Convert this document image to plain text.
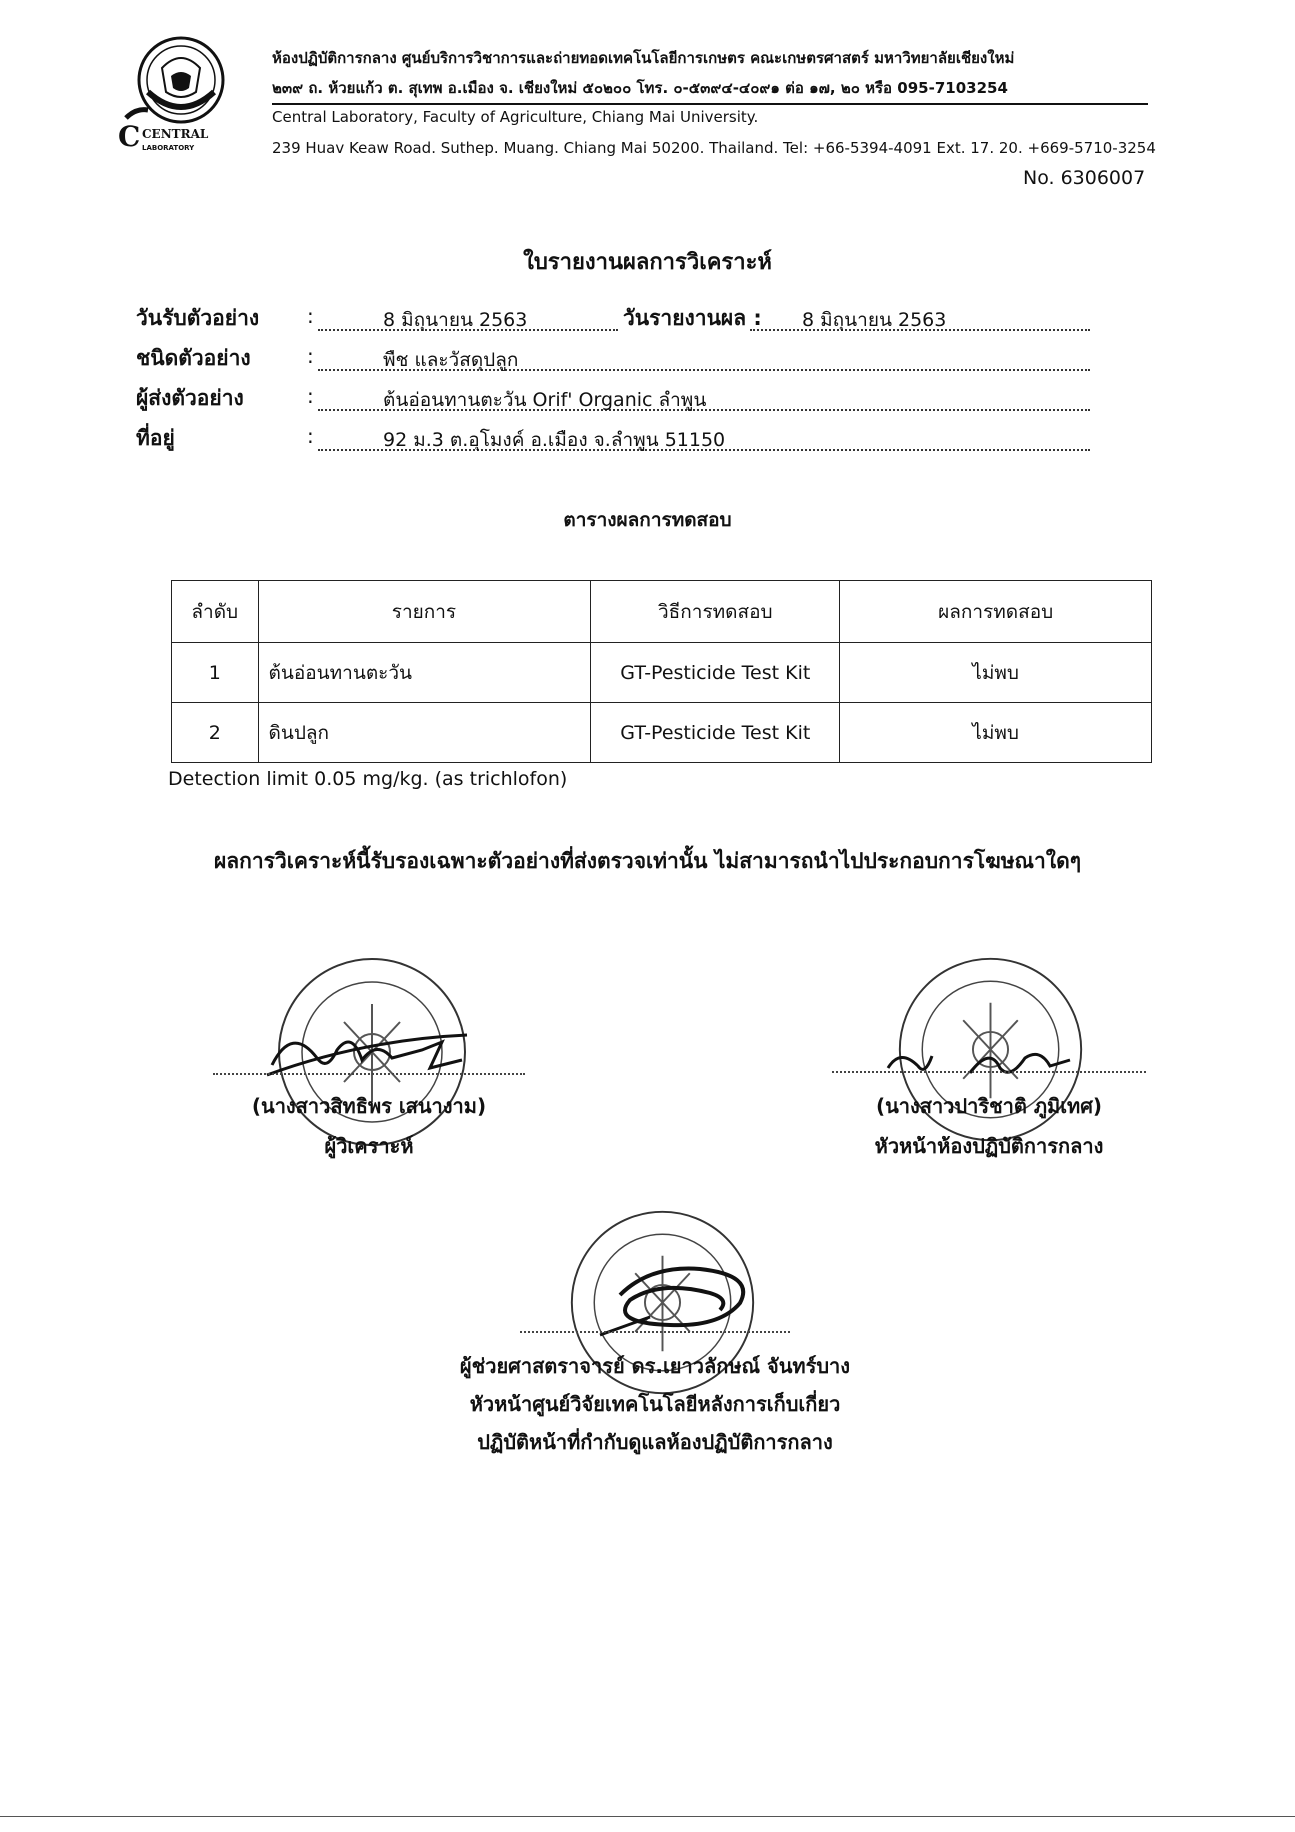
C CENTRAL
LABORATORY
ห้องปฏิบัติการกลาง ศูนย์บริการวิชาการและถ่ายทอดเทคโนโลยีการเกษตร คณะเกษตรศาสตร์ มหาวิทยาลัยเชียงใหม่
๒๓๙ ถ. ห้วยแก้ว ต. สุเทพ อ.เมือง จ. เชียงใหม่ ๕๐๒๐๐ โทร. ๐-๕๓๙๔-๔๐๙๑ ต่อ ๑๗, ๒๐ หรือ 095-7103254
Central Laboratory, Faculty of Agriculture, Chiang Mai University.
239 Huav Keaw Road. Suthep. Muang. Chiang Mai 50200. Thailand. Tel: +66-5394-4091 Ext. 17. 20. +669-5710-3254
No. 6306007
ใบรายงานผลการวิเคราะห์
วันรับตัวอย่าง :	8 มิถุนายน 2563	วันรายงานผล : 8 มิถุนายน 2563
ชนิดตัวอย่าง	:	พืช และวัสดุปลูก
ผู้ส่งตัวอย่าง	:	ต้นอ่อนทานตะวัน Orif' Organic ลำพูน
ที่อยู่	:	92 ม.3 ต.อุโมงค์ อ.เมือง จ.ลำพูน 51150
ตารางผลการทดสอบ
ลำดับ	รายการ	วิธีการทดสอบ	ผลการทดสอบ
1	ต้นอ่อนทานตะวัน	GT-Pesticide Test Kit	ไม่พบ
2	ดินปลูก	GT-Pesticide Test Kit	ไม่พบ
Detection limit 0.05 mg/kg. (as trichlofon)
ผลการวิเคราะห์นี้รับรองเฉพาะตัวอย่างที่ส่งตรวจเท่านั้น ไม่สามารถนำไปประกอบการโฆษณาใดๆ
(นางสาวสิทธิพร เสนางาม)
ผู้วิเคราะห์
(นางสาวปาริชาติ ภูมิเทศ)
หัวหน้าห้องปฏิบัติการกลาง
ผู้ช่วยศาสตราจารย์ ดร.เยาวลักษณ์ จันทร์บาง
หัวหน้าศูนย์วิจัยเทคโนโลยีหลังการเก็บเกี่ยว
ปฏิบัติหน้าที่กำกับดูแลห้องปฏิบัติการกลาง
